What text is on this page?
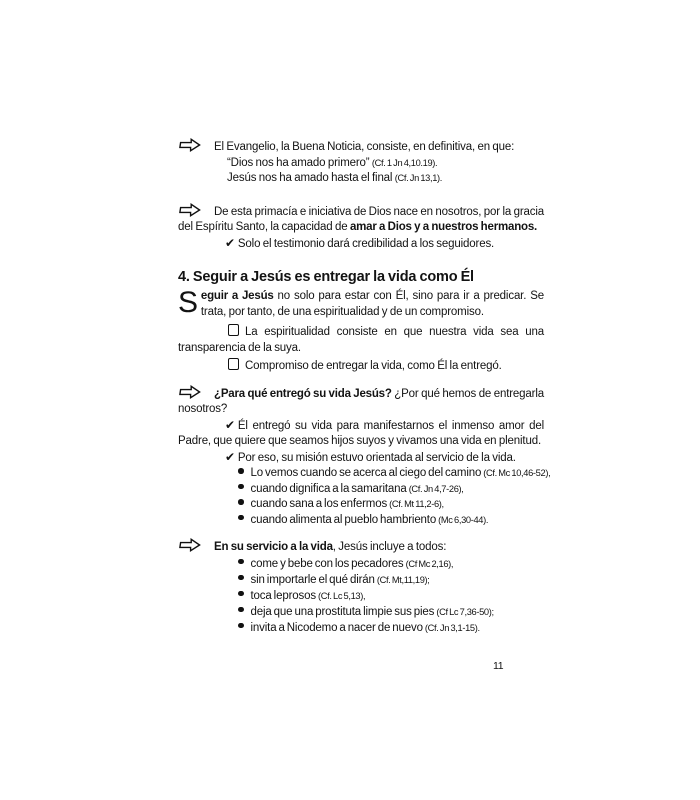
El Evangelio, la Buena Noticia, consiste, en definitiva, en que:
“Dios nos ha amado primero” (Cf. 1 Jn 4,10.19).
Jesús nos ha amado hasta el final (Cf. Jn 13,1).
De esta primacía e iniciativa de Dios nace en nosotros, por la gracia del Espíritu Santo, la capacidad de amar a Dios y a nuestros hermanos.
✔ Solo el testimonio dará credibilidad a los seguidores.
4. Seguir a Jesús es entregar la vida como Él
Seguir a Jesús no solo para estar con Él, sino para ir a predicar. Se trata, por tanto, de una espiritualidad y de un compromiso.
La espiritualidad consiste en que nuestra vida sea una transparencia de la suya.
Compromiso de entregar la vida, como Él la entregó.
¿Para qué entregó su vida Jesús? ¿Por qué hemos de entregarla nosotros?
✔ Él entregó su vida para manifestarnos el inmenso amor del Padre, que quiere que seamos hijos suyos y vivamos una vida en plenitud.
✔ Por eso, su misión estuvo orientada al servicio de la vida.
Lo vemos cuando se acerca al ciego del camino (Cf. Mc 10,46-52),
cuando dignifica a la samaritana (Cf. Jn 4,7-26),
cuando sana a los enfermos (Cf. Mt 11,2-6),
cuando alimenta al pueblo hambriento (Mc 6,30-44).
En su servicio a la vida, Jesús incluye a todos:
come y bebe con los pecadores (Cf Mc 2,16),
sin importarle el qué dirán (Cf. Mt,11,19);
toca leprosos (Cf. Lc 5,13),
deja que una prostituta limpie sus pies (Cf Lc 7,36-50);
invita a Nicodemo a nacer de nuevo (Cf. Jn 3,1-15).
11
